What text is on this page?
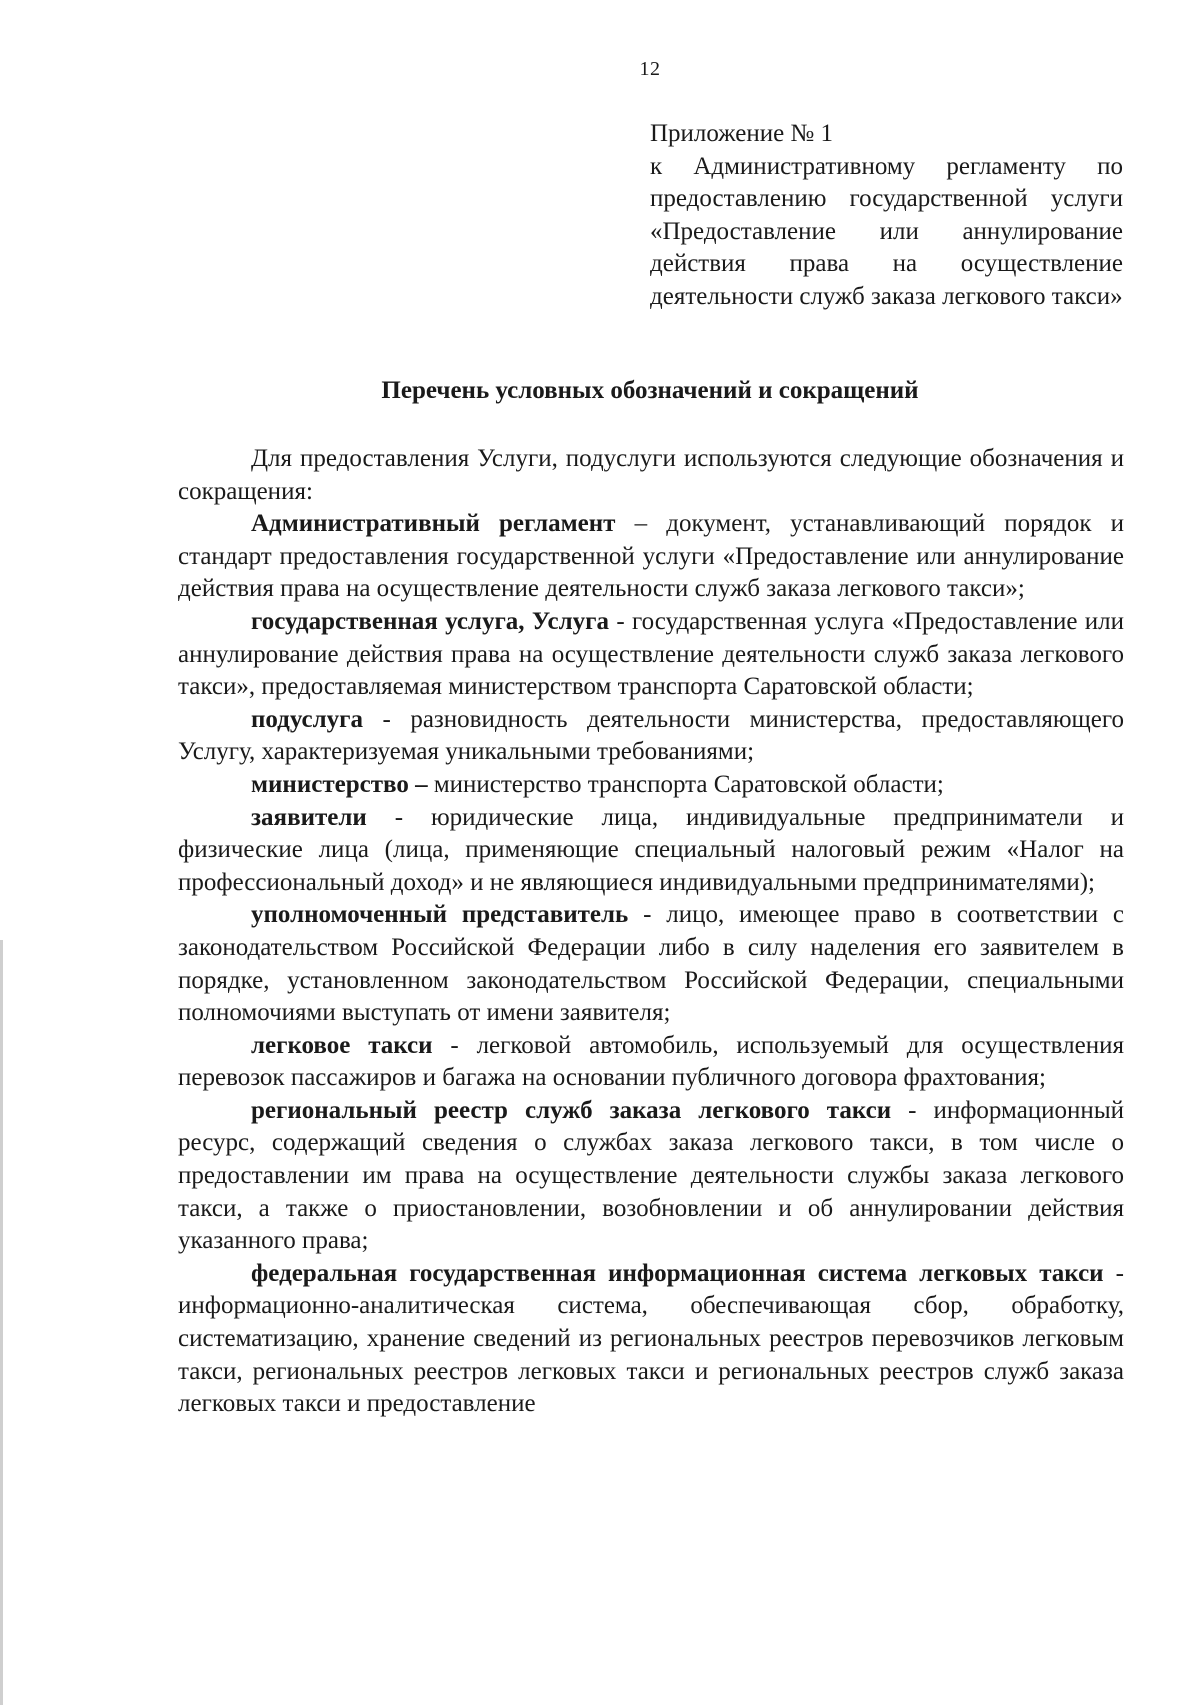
12
Приложение № 1
к Административному регламенту по предоставлению государственной услуги «Предоставление или аннулирование действия права на осуществление деятельности служб заказа легкового такси»
Перечень условных обозначений и сокращений

Для предоставления Услуги, подуслуги используются следующие обозначения и сокращения:

Административный регламент – документ, устанавливающий порядок и стандарт предоставления государственной услуги «Предоставление или аннулирование действия права на осуществление деятельности служб заказа легкового такси»;

государственная услуга, Услуга - государственная услуга «Предоставление или аннулирование действия права на осуществление деятельности служб заказа легкового такси», предоставляемая министерством транспорта Саратовской области;

подуслуга - разновидность деятельности министерства, предоставляющего Услугу, характеризуемая уникальными требованиями;

министерство – министерство транспорта Саратовской области;

заявители - юридические лица, индивидуальные предприниматели и физические лица (лица, применяющие специальный налоговый режим «Налог на профессиональный доход» и не являющиеся индивидуальными предпринимателями);

уполномоченный представитель - лицо, имеющее право в соответствии с законодательством Российской Федерации либо в силу наделения его заявителем в порядке, установленном законодательством Российской Федерации, специальными полномочиями выступать от имени заявителя;

легковое такси - легковой автомобиль, используемый для осуществления перевозок пассажиров и багажа на основании публичного договора фрахтования;

региональный реестр служб заказа легкового такси - информационный ресурс, содержащий сведения о службах заказа легкового такси, в том числе о предоставлении им права на осуществление деятельности службы заказа легкового такси, а также о приостановлении, возобновлении и об аннулировании действия указанного права;

федеральная государственная информационная система легковых такси - информационно-аналитическая система, обеспечивающая сбор, обработку, систематизацию, хранение сведений из региональных реестров перевозчиков легковым такси, региональных реестров легковых такси и региональных реестров служб заказа легковых такси и предоставление
